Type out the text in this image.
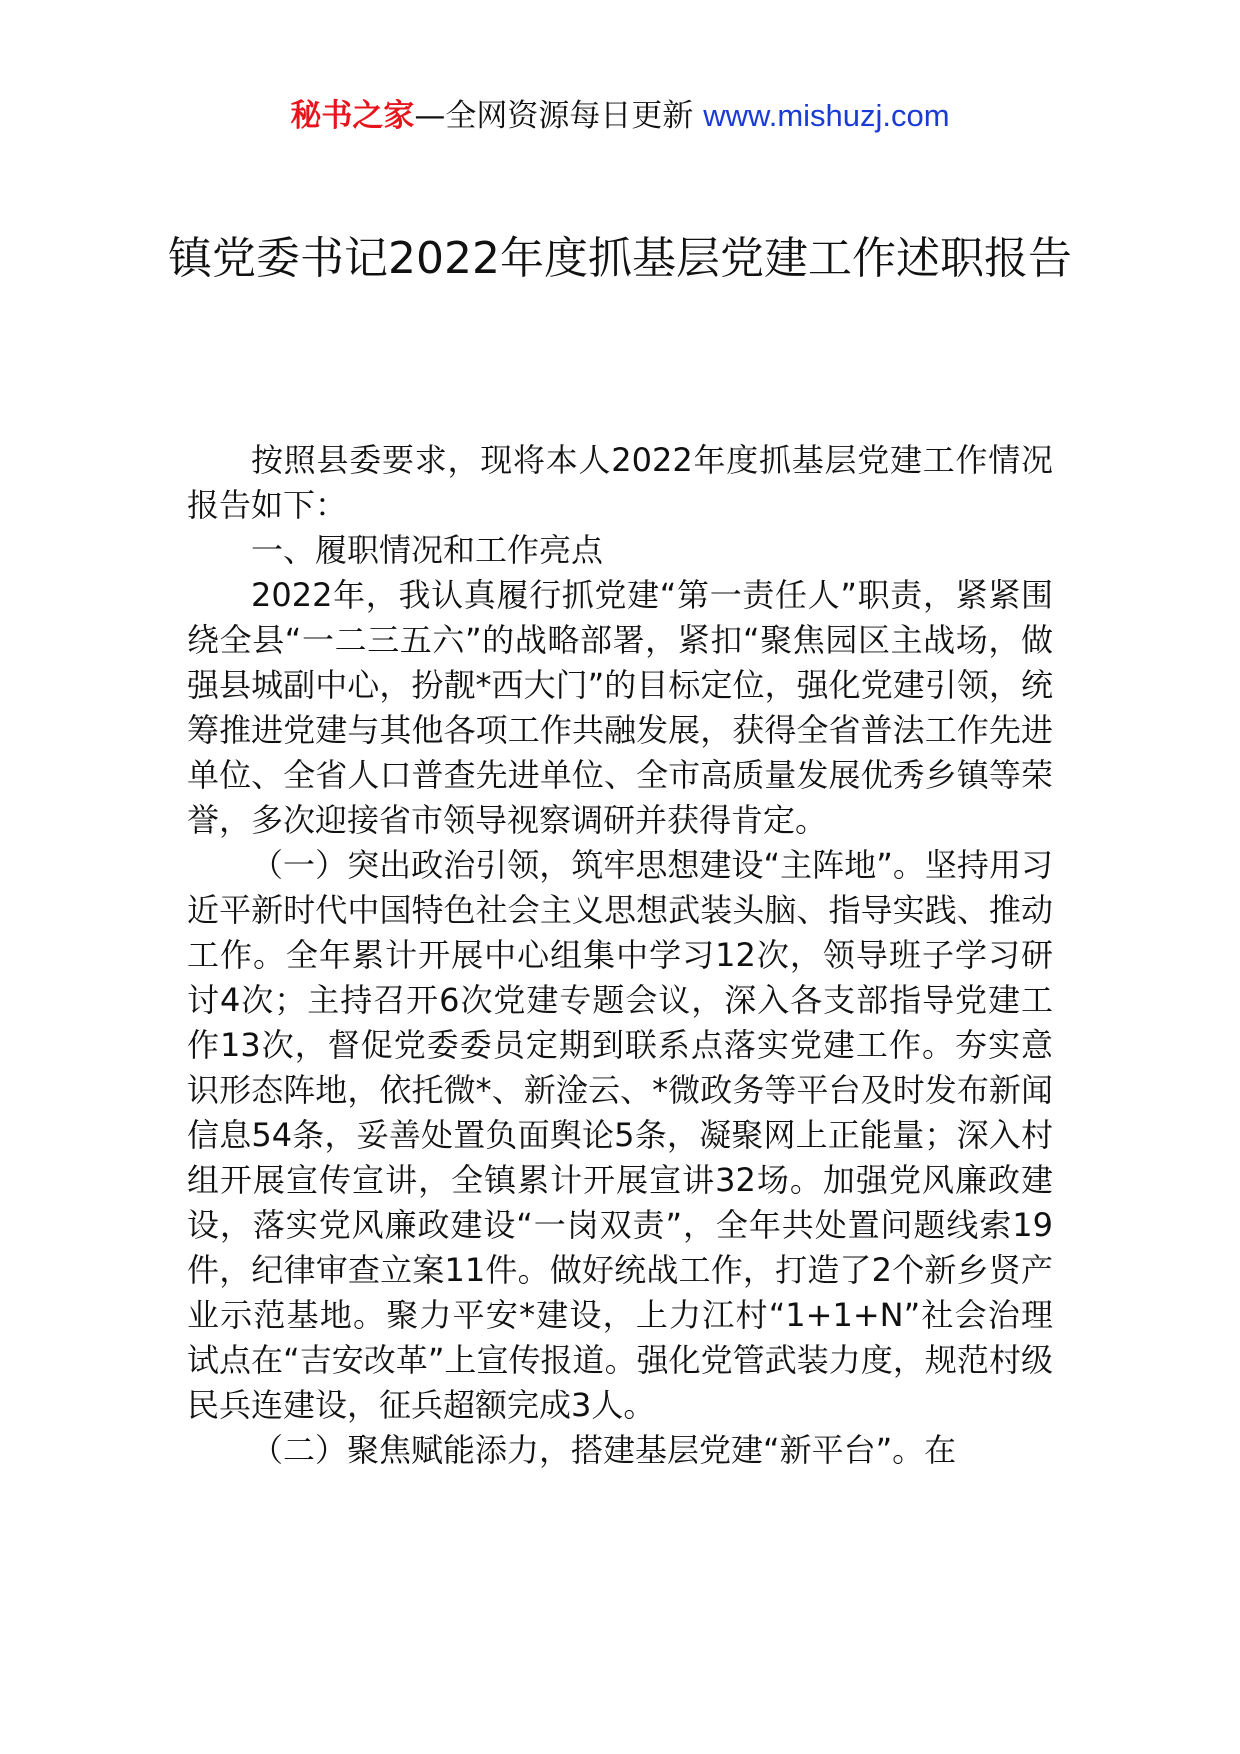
秘书之家—全网资源每日更新 www.mishuzj.com
镇党委书记2022年度抓基层党建工作述职报告

按照县委要求，现将本人2022年度抓基层党建工作情况报告如下：

一、履职情况和工作亮点

2022年，我认真履行抓党建“第一责任人”职责，紧紧围绕全县“一二三五六”的战略部署，紧扣“聚焦园区主战场，做强县城副中心，扮靓*西大门”的目标定位，强化党建引领，统筹推进党建与其他各项工作共融发展，获得全省普法工作先进单位、全省人口普查先进单位、全市高质量发展优秀乡镇等荣誉，多次迎接省市领导视察调研并获得肯定。

（一）突出政治引领，筑牢思想建设“主阵地”。坚持用习近平新时代中国特色社会主义思想武装头脑、指导实践、推动工作。全年累计开展中心组集中学习12次，领导班子学习研讨4次；主持召开6次党建专题会议，深入各支部指导党建工作13次，督促党委委员定期到联系点落实党建工作。夯实意识形态阵地，依托微*、新淦云、*微政务等平台及时发布新闻信息54条，妥善处置负面舆论5条，凝聚网上正能量；深入村组开展宣传宣讲，全镇累计开展宣讲32场。加强党风廉政建设，落实党风廉政建设“一岗双责”，全年共处置问题线索19件，纪律审查立案11件。做好统战工作，打造了2个新乡贤产业示范基地。聚力平安*建设，上力江村“1+1+N”社会治理试点在“吉安改革”上宣传报道。强化党管武装力度，规范村级民兵连建设，征兵超额完成3人。

（二）聚焦赋能添力，搭建基层党建“新平台”。在
